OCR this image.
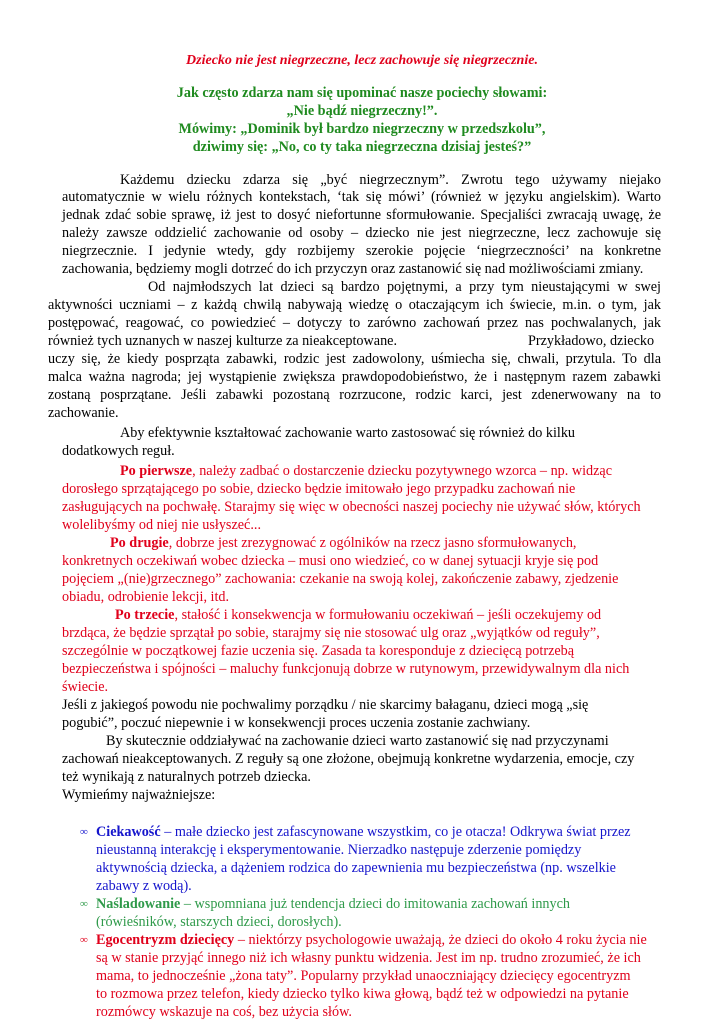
Dziecko nie jest niegrzeczne, lecz zachowuje się niegrzecznie.
Jak często zdarza nam się upominać nasze pociechy słowami:
„Nie bądź niegrzeczny!”.
Mówimy: „Dominik był bardzo niegrzeczny w przedszkolu”,
dziwimy się: „No, co ty taka niegrzeczna dzisiaj jesteś?”
Każdemu dziecku zdarza się „być niegrzecznym”. Zwrotu tego używamy niejako
automatycznie w wielu różnych kontekstach, ‘tak się mówi’ (również w języku angielskim). Warto
jednak zdać sobie sprawę, iż jest to dosyć niefortunne sformułowanie. Specjaliści zwracają uwagę, że
należy zawsze oddzielić zachowanie od osoby – dziecko nie jest niegrzeczne, lecz zachowuje się
niegrzecznie. I jedynie wtedy, gdy rozbijemy szerokie pojęcie ‘niegrzeczności’ na konkretne
zachowania, będziemy mogli dotrzeć do ich przyczyn oraz zastanowić się nad możliwościami zmiany.
Od najmłodszych lat dzieci są bardzo pojętnymi, a przy tym nieustającymi w swej
aktywności uczniami – z każdą chwilą nabywają wiedzę o otaczającym ich świecie, m.in. o tym, jak
postępować, reagować, co powiedzieć – dotyczy to zarówno zachowań przez nas pochwalanych, jak
również tych uznanych w naszej kulturze za nieakceptowane.	Przykładowo, dziecko
uczy się, że kiedy posprząta zabawki, rodzic jest zadowolony, uśmiecha się, chwali, przytula. To dla
malca ważna nagroda; jej wystąpienie zwiększa prawdopodobieństwo, że i następnym razem zabawki
zostaną posprzątane. Jeśli zabawki pozostaną rozrzucone, rodzic karci, jest zdenerwowany na to
zachowanie.
Aby efektywnie kształtować zachowanie warto zastosować się również do kilku
dodatkowych reguł.
Po pierwsze, należy zadbać o dostarczenie dziecku pozytywnego wzorca – np. widząc
dorosłego sprzątającego po sobie, dziecko będzie imitowało jego przypadku zachowań nie
zasługujących na pochwałę. Starajmy się więc w obecności naszej pociechy nie używać słów, których
wolelibyśmy od niej nie usłyszeć...
Po drugie, dobrze jest zrezygnować z ogólników na rzecz jasno sformułowanych,
konkretnych oczekiwań wobec dziecka – musi ono wiedzieć, co w danej sytuacji kryje się pod
pojęciem „(nie)grzecznego” zachowania: czekanie na swoją kolej, zakończenie zabawy, zjedzenie
obiadu, odrobienie lekcji, itd.
Po trzecie, stałość i konsekwencja w formułowaniu oczekiwań – jeśli oczekujemy od
brzdąca, że będzie sprzątał po sobie, starajmy się nie stosować ulg oraz „wyjątków od reguły”,
szczególnie w początkowej fazie uczenia się. Zasada ta koresponduje z dziecięcą potrzebą
bezpieczeństwa i spójności – maluchy funkcjonują dobrze w rutynowym, przewidywalnym dla nich
świecie.
Jeśli z jakiegoś powodu nie pochwalimy porządku / nie skarcimy bałaganu, dzieci mogą „się
pogubić”, poczuć niepewnie i w konsekwencji proces uczenia zostanie zachwiany.
By skutecznie oddziaływać na zachowanie dzieci warto zastanowić się nad przyczynami
zachowań nieakceptowanych. Z reguły są one złożone, obejmują konkretne wydarzenia, emocje, czy
też wynikają z naturalnych potrzeb dziecka.
Wymieńmy najważniejsze:
∞ Ciekawość – małe dziecko jest zafascynowane wszystkim, co je otacza! Odkrywa świat przez
nieustanną interakcję i eksperymentowanie. Nierzadko następuje zderzenie pomiędzy
aktywnością dziecka, a dążeniem rodzica do zapewnienia mu bezpieczeństwa (np. wszelkie
zabawy z wodą).
∞ Naśladowanie – wspomniana już tendencja dzieci do imitowania zachowań innych
(rówieśników, starszych dzieci, dorosłych).
∞ Egocentryzm dziecięcy – niektórzy psychologowie uważają, że dzieci do około 4 roku życia nie
są w stanie przyjąć innego niż ich własny punktu widzenia. Jest im np. trudno zrozumieć, że ich
mama, to jednocześnie „żona taty”. Popularny przykład unaoczniający dziecięcy egocentryzm
to rozmowa przez telefon, kiedy dziecko tylko kiwa głową, bądź też w odpowiedzi na pytanie
rozmówcy wskazuje na coś, bez użycia słów.
